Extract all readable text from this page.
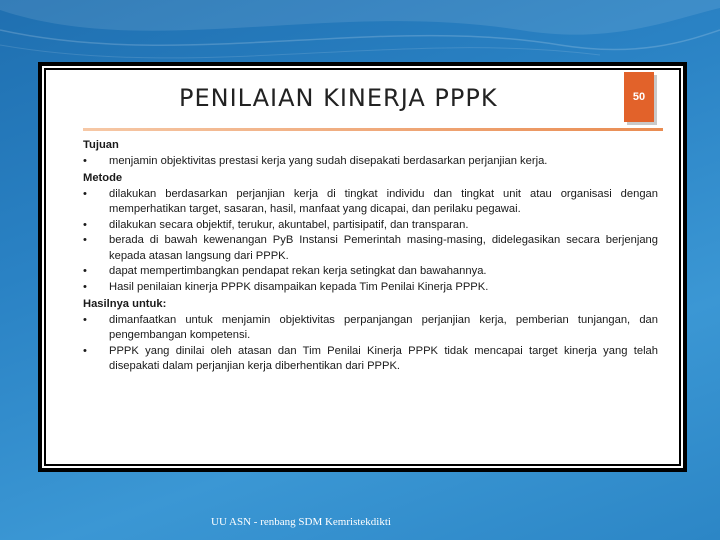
PENILAIAN KINERJA PPPK	50
Tujuan
•	menjamin objektivitas prestasi kerja yang sudah disepakati berdasarkan perjanjian kerja.
Metode
•	dilakukan berdasarkan perjanjian kerja di tingkat individu dan tingkat unit atau organisasi dengan memperhatikan target, sasaran, hasil, manfaat yang dicapai, dan perilaku pegawai.
•	dilakukan secara objektif, terukur, akuntabel, partisipatif, dan transparan.
•	berada di bawah kewenangan PyB Instansi Pemerintah masing-masing, didelegasikan secara berjenjang kepada atasan langsung dari PPPK.
•	dapat mempertimbangkan pendapat rekan kerja setingkat dan bawahannya.
•	Hasil penilaian kinerja PPPK disampaikan kepada Tim Penilai Kinerja PPPK.
Hasilnya untuk:
•	dimanfaatkan untuk menjamin objektivitas perpanjangan perjanjian kerja, pemberian tunjangan, dan pengembangan kompetensi.
•	PPPK yang dinilai oleh atasan dan Tim Penilai Kinerja PPPK tidak mencapai target kinerja yang telah disepakati dalam perjanjian kerja diberhentikan dari PPPK.
UU ASN - renbang SDM Kemristekdikti
